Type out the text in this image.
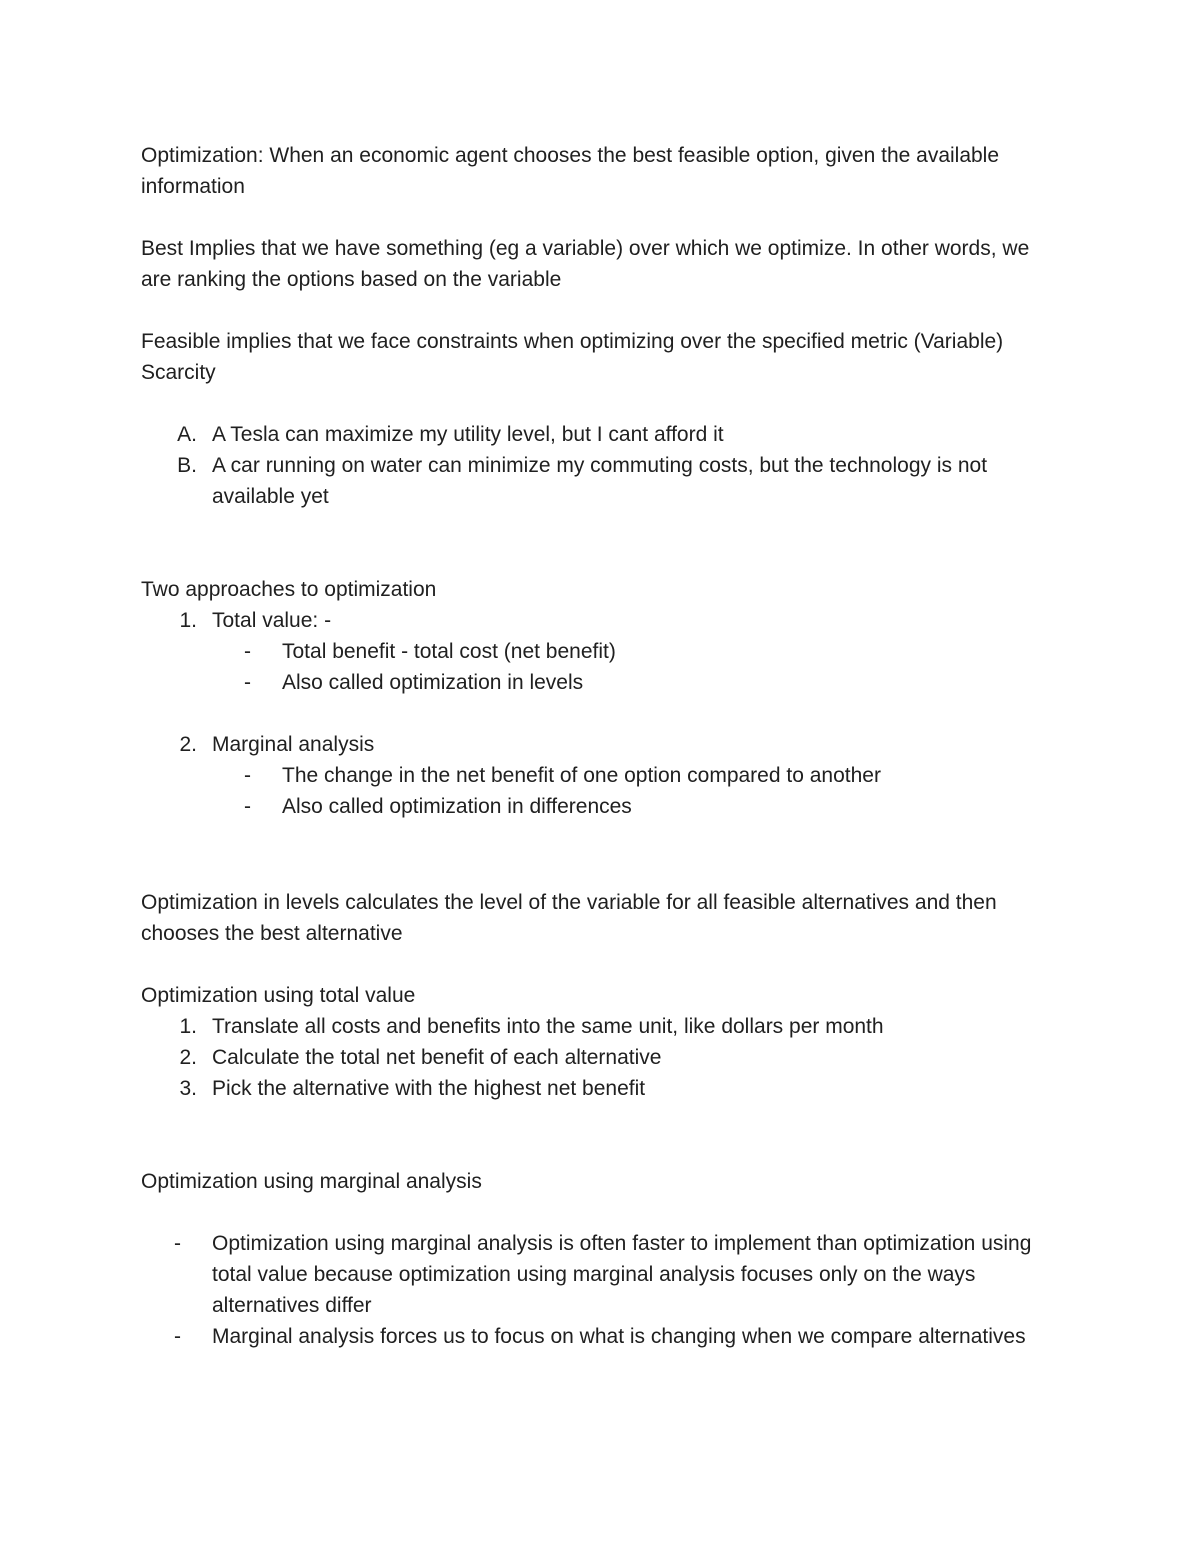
Optimization: When an economic agent chooses the best feasible option, given the available information

Best Implies that we have something (eg a variable) over which we optimize. In other words, we are ranking the options based on the variable

Feasible implies that we face constraints when optimizing over the specified metric (Variable) Scarcity

A. A Tesla can maximize my utility level, but I cant afford it
B. A car running on water can minimize my commuting costs, but the technology is not available yet
Two approaches to optimization
1. Total value: -
-	Total benefit - total cost (net benefit)
-	Also called optimization in levels
2. Marginal analysis
-	The change in the net benefit of one option compared to another
-	Also called optimization in differences

Optimization in levels calculates the level of the variable for all feasible alternatives and then chooses the best alternative

Optimization using total value
1. Translate all costs and benefits into the same unit, like dollars per month
2. Calculate the total net benefit of each alternative
3. Pick the alternative with the highest net benefit
Optimization using marginal analysis
-	Optimization using marginal analysis is often faster to implement than optimization using total value because optimization using marginal analysis focuses only on the ways alternatives differ
-	Marginal analysis forces us to focus on what is changing when we compare alternatives
